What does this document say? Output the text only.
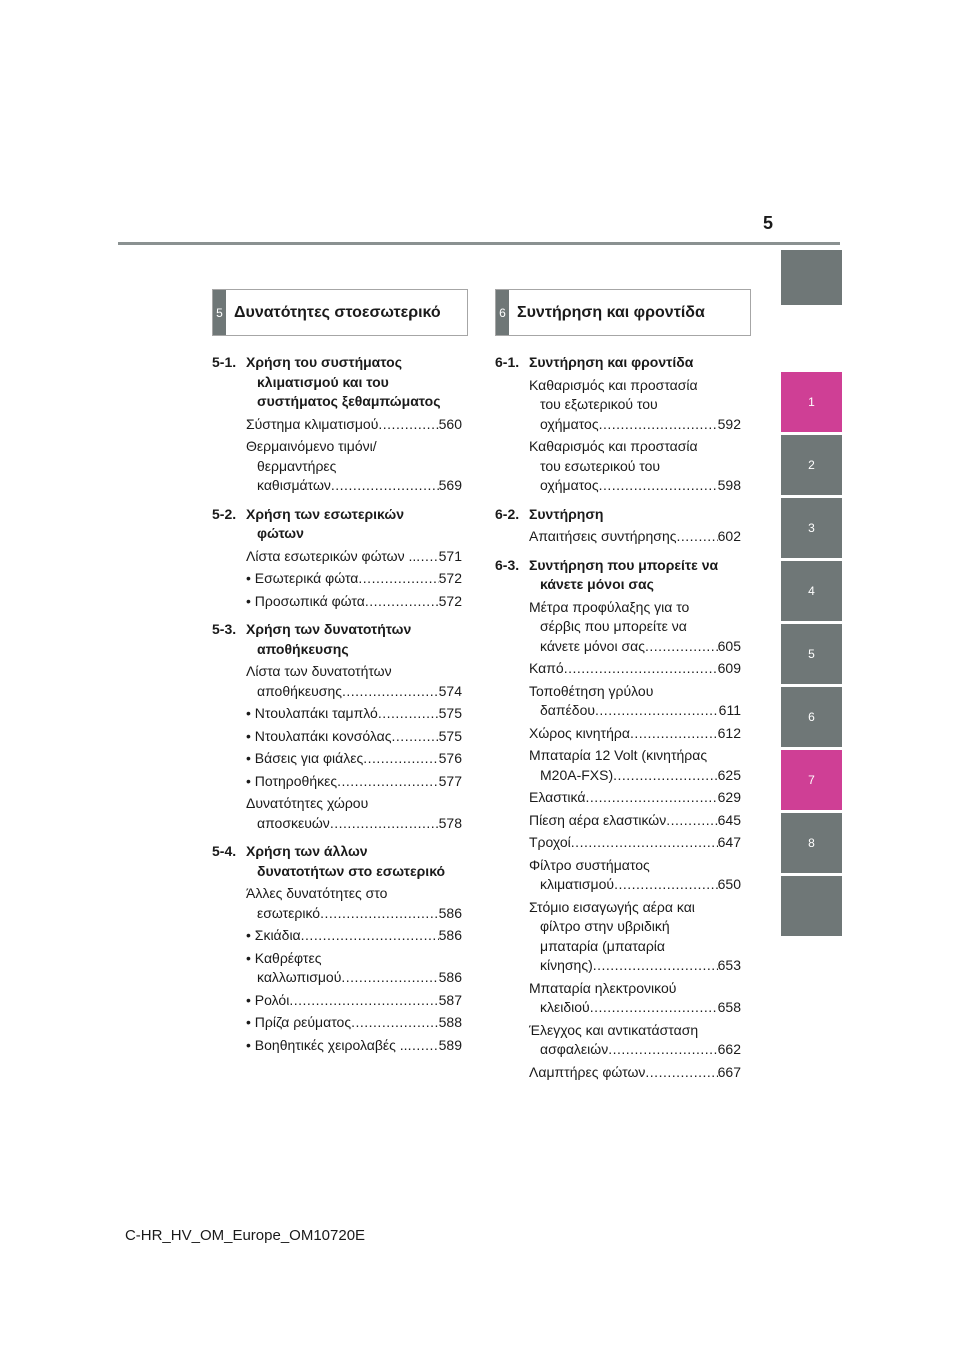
5
1
2
3
4
5
6
7
8
5 Δυνατότητες στο εσωτερικό	6 Συντήρηση και φροντίδα
5-1. Χρήση του συστήματος
κλιματισμού και του
συστήματος ξεθαμπώματος
Σύστημα κλιματισμού .....	560
Θερμαινόμενο τιμόνι/
θερμαντήρες
καθισμάτων .....	569
5-2. Χρήση των εσωτερικών
φώτων
Λίστα εσωτερικών φώτων .. ..... 571
• Εσωτερικά φώτα .....	572
• Προσωπικά φώτα .....	572
5-3. Χρήση των δυνατοτήτων
αποθήκευσης
Λίστα των δυνατοτήτων
αποθήκευσης .....	574
• Ντουλαπάκι ταμπλό .....	575
• Ντουλαπάκι κονσόλας .....	575
• Βάσεις για φιάλες .....	576
• Ποτηροθήκες .....	577
Δυνατότητες χώρου
αποσκευών .....	578
5-4. Χρήση των άλλων
δυνατοτήτων στο εσωτερικό
Άλλες δυνατότητες στο
εσωτερικό .....	586
• Σκιάδια .....	586
• Καθρέφτες
καλλωπισμού .....	586
• Ρολόι .....	587
• Πρίζα ρεύματος .....	588
• Βοηθητικές χειρολαβές .. ..... 589
6-1. Συντήρηση και φροντίδα
Καθαρισμός και προστασία
του εξωτερικού του
οχήματος .....	592
Καθαρισμός και προστασία
του εσωτερικού του
οχήματος .....	598
6-2. Συντήρηση
Απαιτήσεις συντήρησης .....	602
6-3. Συντήρηση που μπορείτε να
κάνετε μόνοι σας
Μέτρα προφύλαξης για το
σέρβις που μπορείτε να
κάνετε μόνοι σας .....	605
Καπό .....	609
Τοποθέτηση γρύλου
δαπέδου .....	611
Χώρος κινητήρα .....	612
Μπαταρία 12 Volt (κινητήρας
M20A-FXS) .....	625
Ελαστικά .....	629
Πίεση αέρα ελαστικών .....	645
Τροχοί .....	647
Φίλτρο συστήματος
κλιματισμού .....	650
Στόμιο εισαγωγής αέρα και
φίλτρο στην υβριδική
μπαταρία (μπαταρία
κίνησης) .....	653
Μπαταρία ηλεκτρονικού
κλειδιού .....	658
Έλεγχος και αντικατάσταση
ασφαλειών .....	662
Λαμπτήρες φώτων .....	667
C-HR_HV_OM_Europe_OM10720E
